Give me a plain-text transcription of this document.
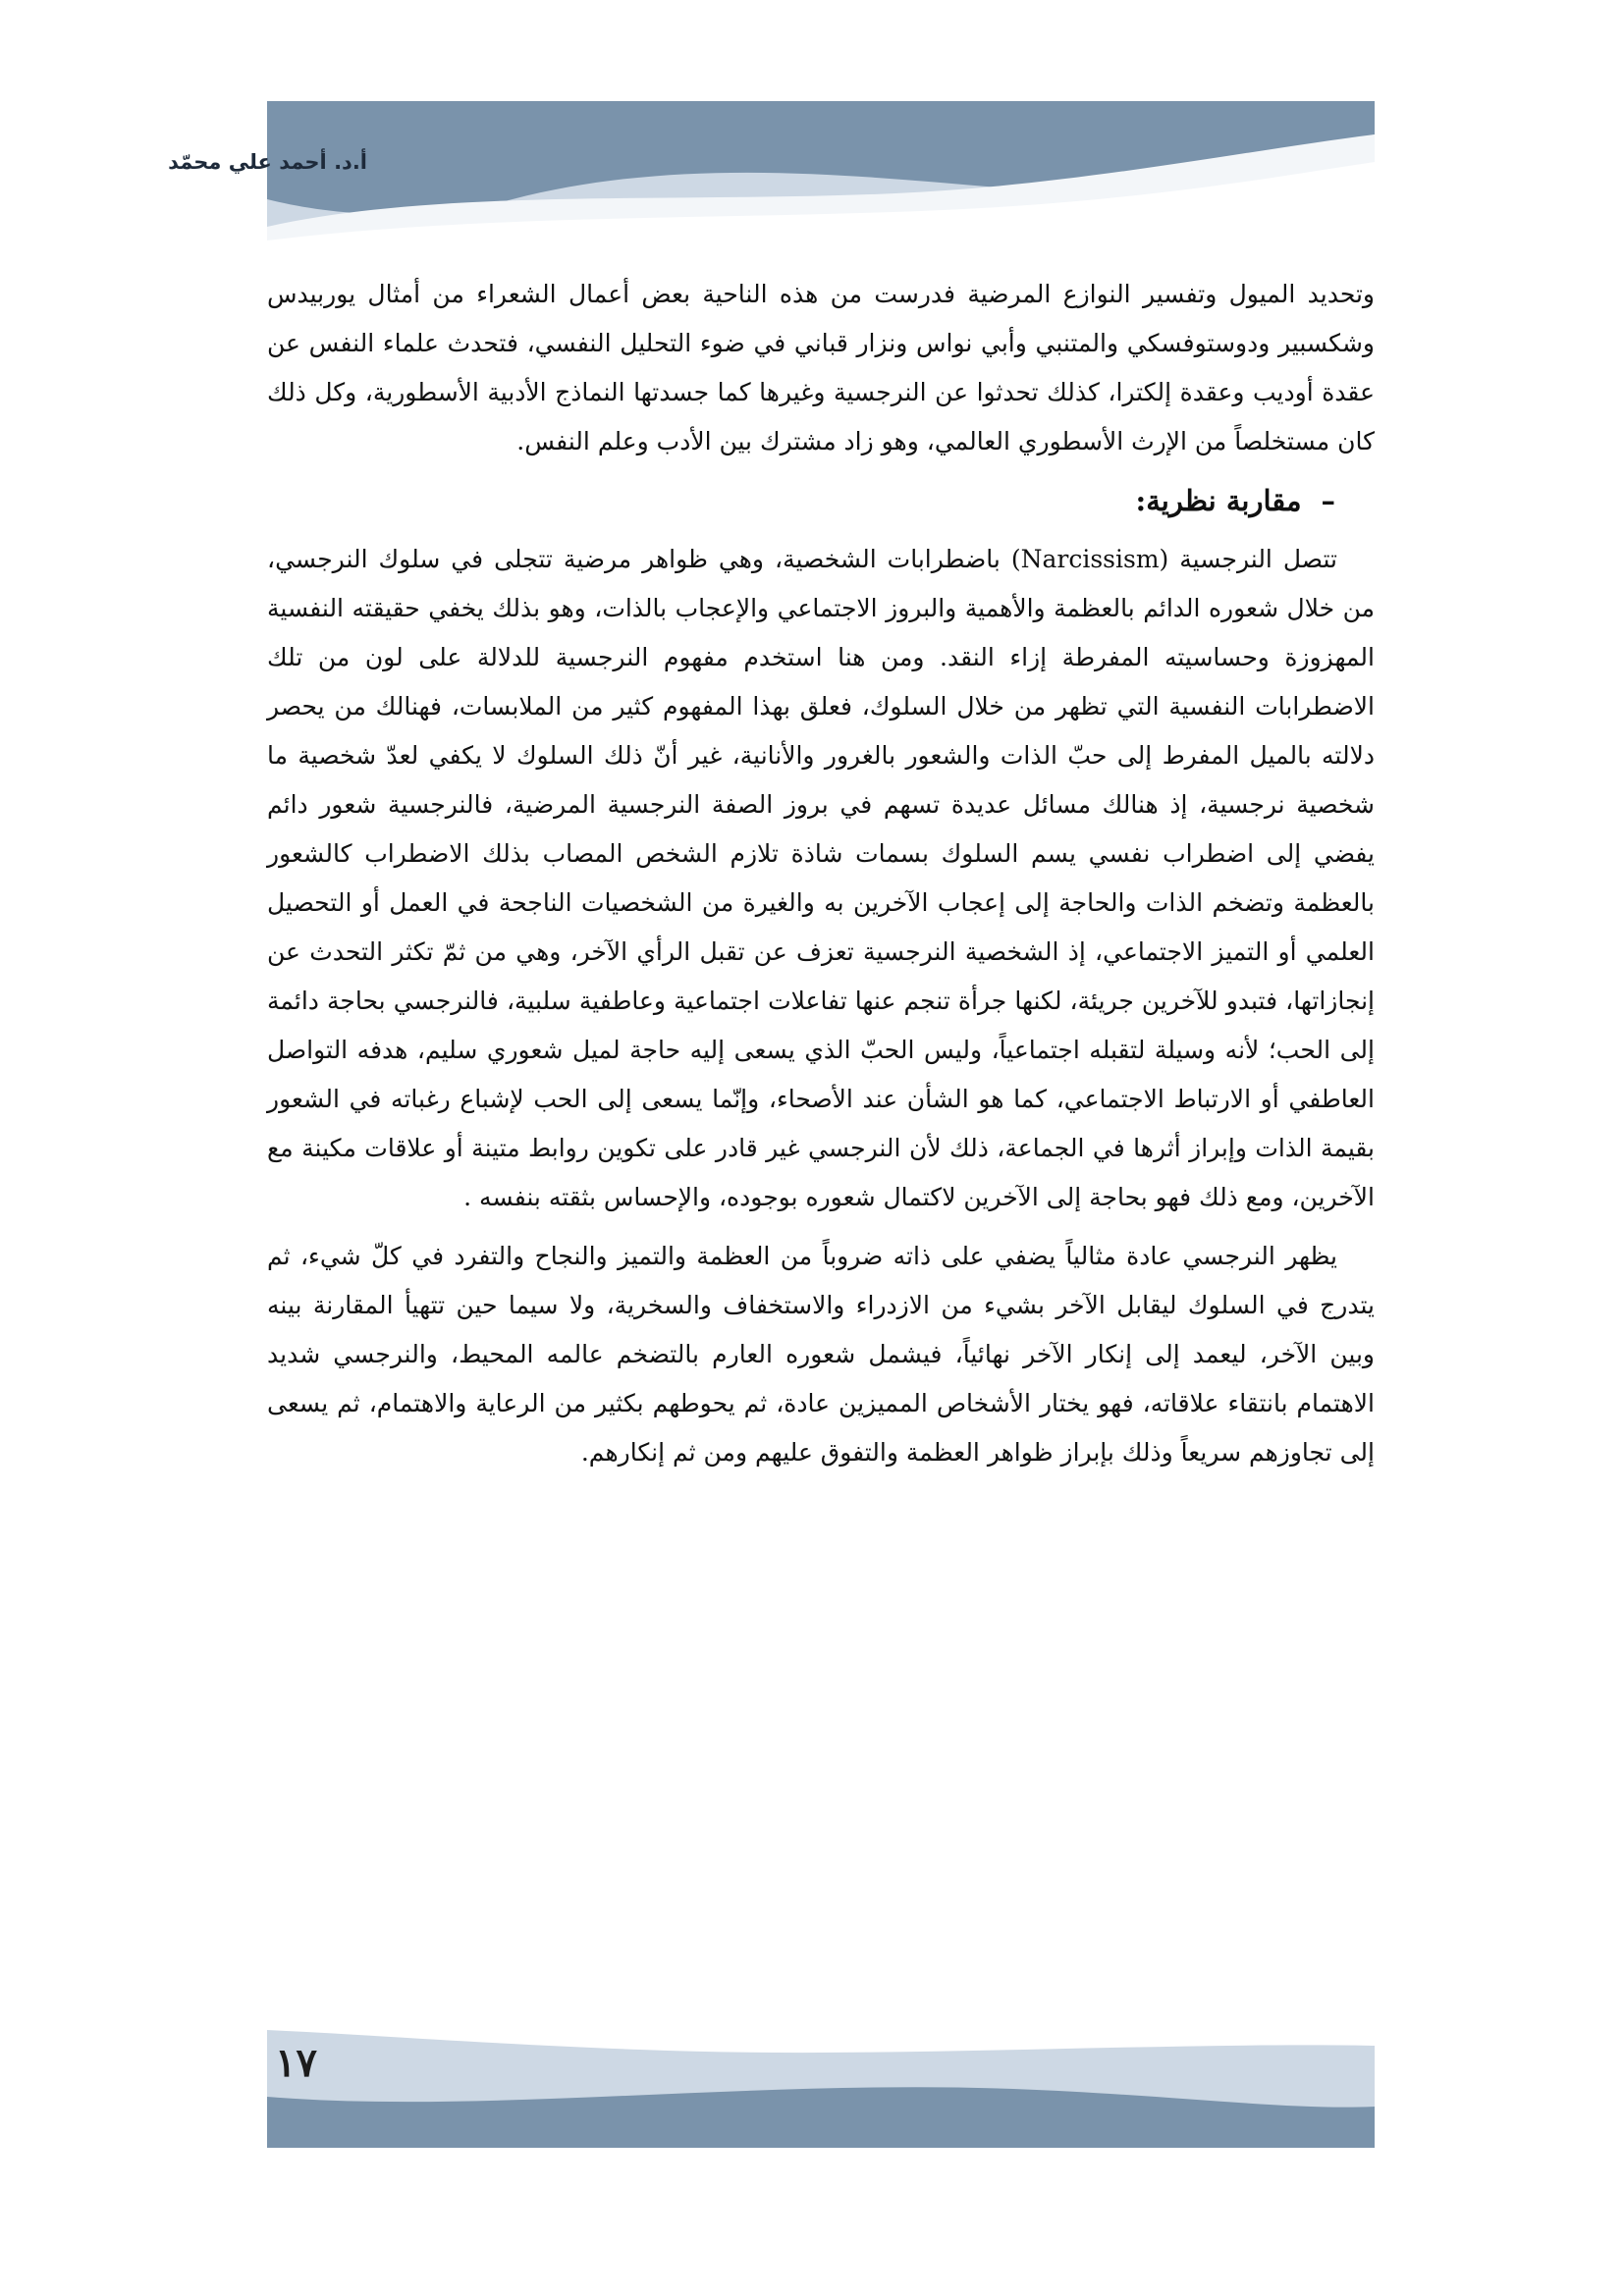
أ.د. أحمد علي محمّد

وتحديد الميول وتفسير النوازع المرضية فدرست من هذه الناحية بعض أعمال الشعراء من أمثال يوربيدس وشكسبير ودوستوفسكي والمتنبي وأبي نواس ونزار قباني في ضوء التحليل النفسي، فتحدث علماء النفس عن عقدة أوديب وعقدة إلكترا، كذلك تحدثوا عن النرجسية وغيرها كما جسدتها النماذج الأدبية الأسطورية، وكل ذلك كان مستخلصاً من الإرث الأسطوري العالمي، وهو زاد مشترك بين الأدب وعلم النفس.

–مقاربة نظرية:

تتصل النرجسية (Narcissism) باضطرابات الشخصية، وهي ظواهر مرضية تتجلى في سلوك النرجسي، من خلال شعوره الدائم بالعظمة والأهمية والبروز الاجتماعي والإعجاب بالذات، وهو بذلك يخفي حقيقته النفسية المهزوزة وحساسيته المفرطة إزاء النقد. ومن هنا استخدم مفهوم النرجسية للدلالة على لون من تلك الاضطرابات النفسية التي تظهر من خلال السلوك، فعلق بهذا المفهوم كثير من الملابسات، فهنالك من يحصر دلالته بالميل المفرط إلى حبّ الذات والشعور بالغرور والأنانية، غير أنّ ذلك السلوك لا يكفي لعدّ شخصية ما شخصية نرجسية، إذ هنالك مسائل عديدة تسهم في بروز الصفة النرجسية المرضية، فالنرجسية شعور دائم يفضي إلى اضطراب نفسي يسم السلوك بسمات شاذة تلازم الشخص المصاب بذلك الاضطراب كالشعور بالعظمة وتضخم الذات والحاجة إلى إعجاب الآخرين به والغيرة من الشخصيات الناجحة في العمل أو التحصيل العلمي أو التميز الاجتماعي، إذ الشخصية النرجسية تعزف عن تقبل الرأي الآخر، وهي من ثمّ تكثر التحدث عن إنجازاتها، فتبدو للآخرين جريئة، لكنها جرأة تنجم عنها تفاعلات اجتماعية وعاطفية سلبية، فالنرجسي بحاجة دائمة إلى الحب؛ لأنه وسيلة لتقبله اجتماعياً، وليس الحبّ الذي يسعى إليه حاجة لميل شعوري سليم، هدفه التواصل العاطفي أو الارتباط الاجتماعي، كما هو الشأن عند الأصحاء، وإنّما يسعى إلى الحب لإشباع رغباته في الشعور بقيمة الذات وإبراز أثرها في الجماعة، ذلك لأن النرجسي غير قادر على تكوين روابط متينة أو علاقات مكينة مع الآخرين، ومع ذلك فهو بحاجة إلى الآخرين لاكتمال شعوره بوجوده، والإحساس بثقته بنفسه .

يظهر النرجسي عادة مثالياً يضفي على ذاته ضروباً من العظمة والتميز والنجاح والتفرد في كلّ شيء، ثم يتدرج في السلوك ليقابل الآخر بشيء من الازدراء والاستخفاف والسخرية، ولا سيما حين تتهيأ المقارنة بينه وبين الآخر، ليعمد إلى إنكار الآخر نهائياً، فيشمل شعوره العارم بالتضخم عالمه المحيط، والنرجسي شديد الاهتمام بانتقاء علاقاته، فهو يختار الأشخاص المميزين عادة، ثم يحوطهم بكثير من الرعاية والاهتمام، ثم يسعى إلى تجاوزهم سريعاً وذلك بإبراز ظواهر العظمة والتفوق عليهم ومن ثم إنكارهم.

١٧
